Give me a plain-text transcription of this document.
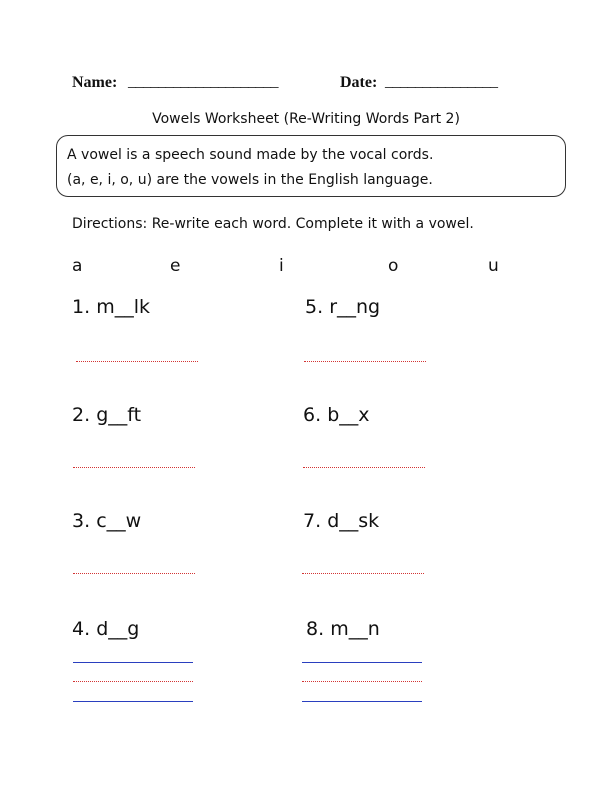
Name: ____________________	Date: _______________
Vowels Worksheet (Re-Writing Words Part 2)
A vowel is a speech sound made by the vocal cords.
(a, e, i, o, u) are the vowels in the English language.
Directions: Re-write each word. Complete it with a vowel.
a	e	i	o	u
1. m__lk
2. g__ft
3. c__w
4. d__g
5. r__ng
6. b__x
7. d__sk
8. m__n
